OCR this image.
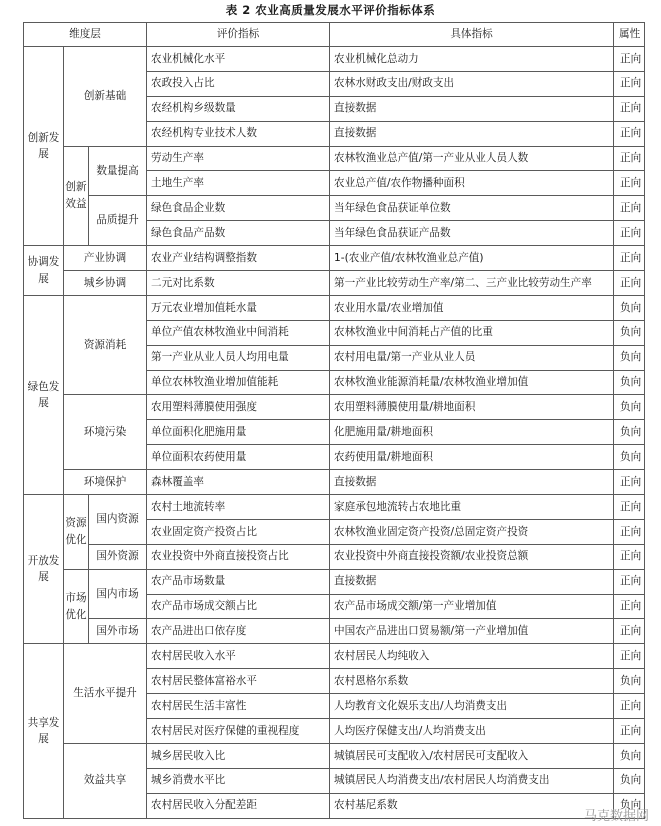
表 2 农业高质量发展水平评价指标体系
维度层			评价指标	具体指标	属性
创新发展	创新基础		农业机械化水平	农业机械化总动力	正向
			农政投入占比	农林水财政支出/财政支出	正向
			农经机构乡级数量	直接数据	正向
			农经机构专业技术人数	直接数据	正向
	创新效益	数量提高	劳动生产率	农林牧渔业总产值/第一产业从业人员人数	正向
			土地生产率	农业总产值/农作物播种面积	正向
		品质提升	绿色食品企业数	当年绿色食品获证单位数	正向
			绿色食品产品数	当年绿色食品获证产品数	正向
协调发展	产业协调		农业产业结构调整指数	1-(农业产值/农林牧渔业总产值)	正向
	城乡协调		二元对比系数	第一产业比较劳动生产率/第二、三产业比较劳动生产率	正向
绿色发展	资源消耗		万元农业增加值耗水量	农业用水量/农业增加值	负向
			单位产值农林牧渔业中间消耗	农林牧渔业中间消耗占产值的比重	负向
			第一产业从业人员人均用电量	农村用电量/第一产业从业人员	负向
			单位农林牧渔业增加值能耗	农林牧渔业能源消耗量/农林牧渔业增加值	负向
	环境污染		农用塑料薄膜使用强度	农用塑料薄膜使用量/耕地面积	负向
			单位面积化肥施用量	化肥施用量/耕地面积	负向
			单位面积农药使用量	农药使用量/耕地面积	负向
	环境保护		森林覆盖率	直接数据	正向
开放发展	资源优化	国内资源	农村土地流转率	家庭承包地流转占农地比重	正向
			农业固定资产投资占比	农林牧渔业固定资产投资/总固定资产投资	正向
		国外资源	农业投资中外商直接投资占比	农业投资中外商直接投资额/农业投资总额	正向
	市场优化	国内市场	农产品市场数量	直接数据	正向
			农产品市场成交额占比	农产品市场成交额/第一产业增加值	正向
		国外市场	农产品进出口依存度	中国农产品进出口贸易额/第一产业增加值	正向
共享发展	生活水平提升		农村居民收入水平	农村居民人均纯收入	正向
			农村居民整体富裕水平	农村恩格尔系数	负向
			农村居民生活丰富性	人均教育文化娱乐支出/人均消费支出	正向
			农村居民对医疗保健的重视程度	人均医疗保健支出/人均消费支出	正向
	效益共享		城乡居民收入比	城镇居民可支配收入/农村居民可支配收入	负向
			城乡消费水平比	城镇居民人均消费支出/农村居民人均消费支出	负向
			农村居民收入分配差距	农村基尼系数	负向
马克数据网
